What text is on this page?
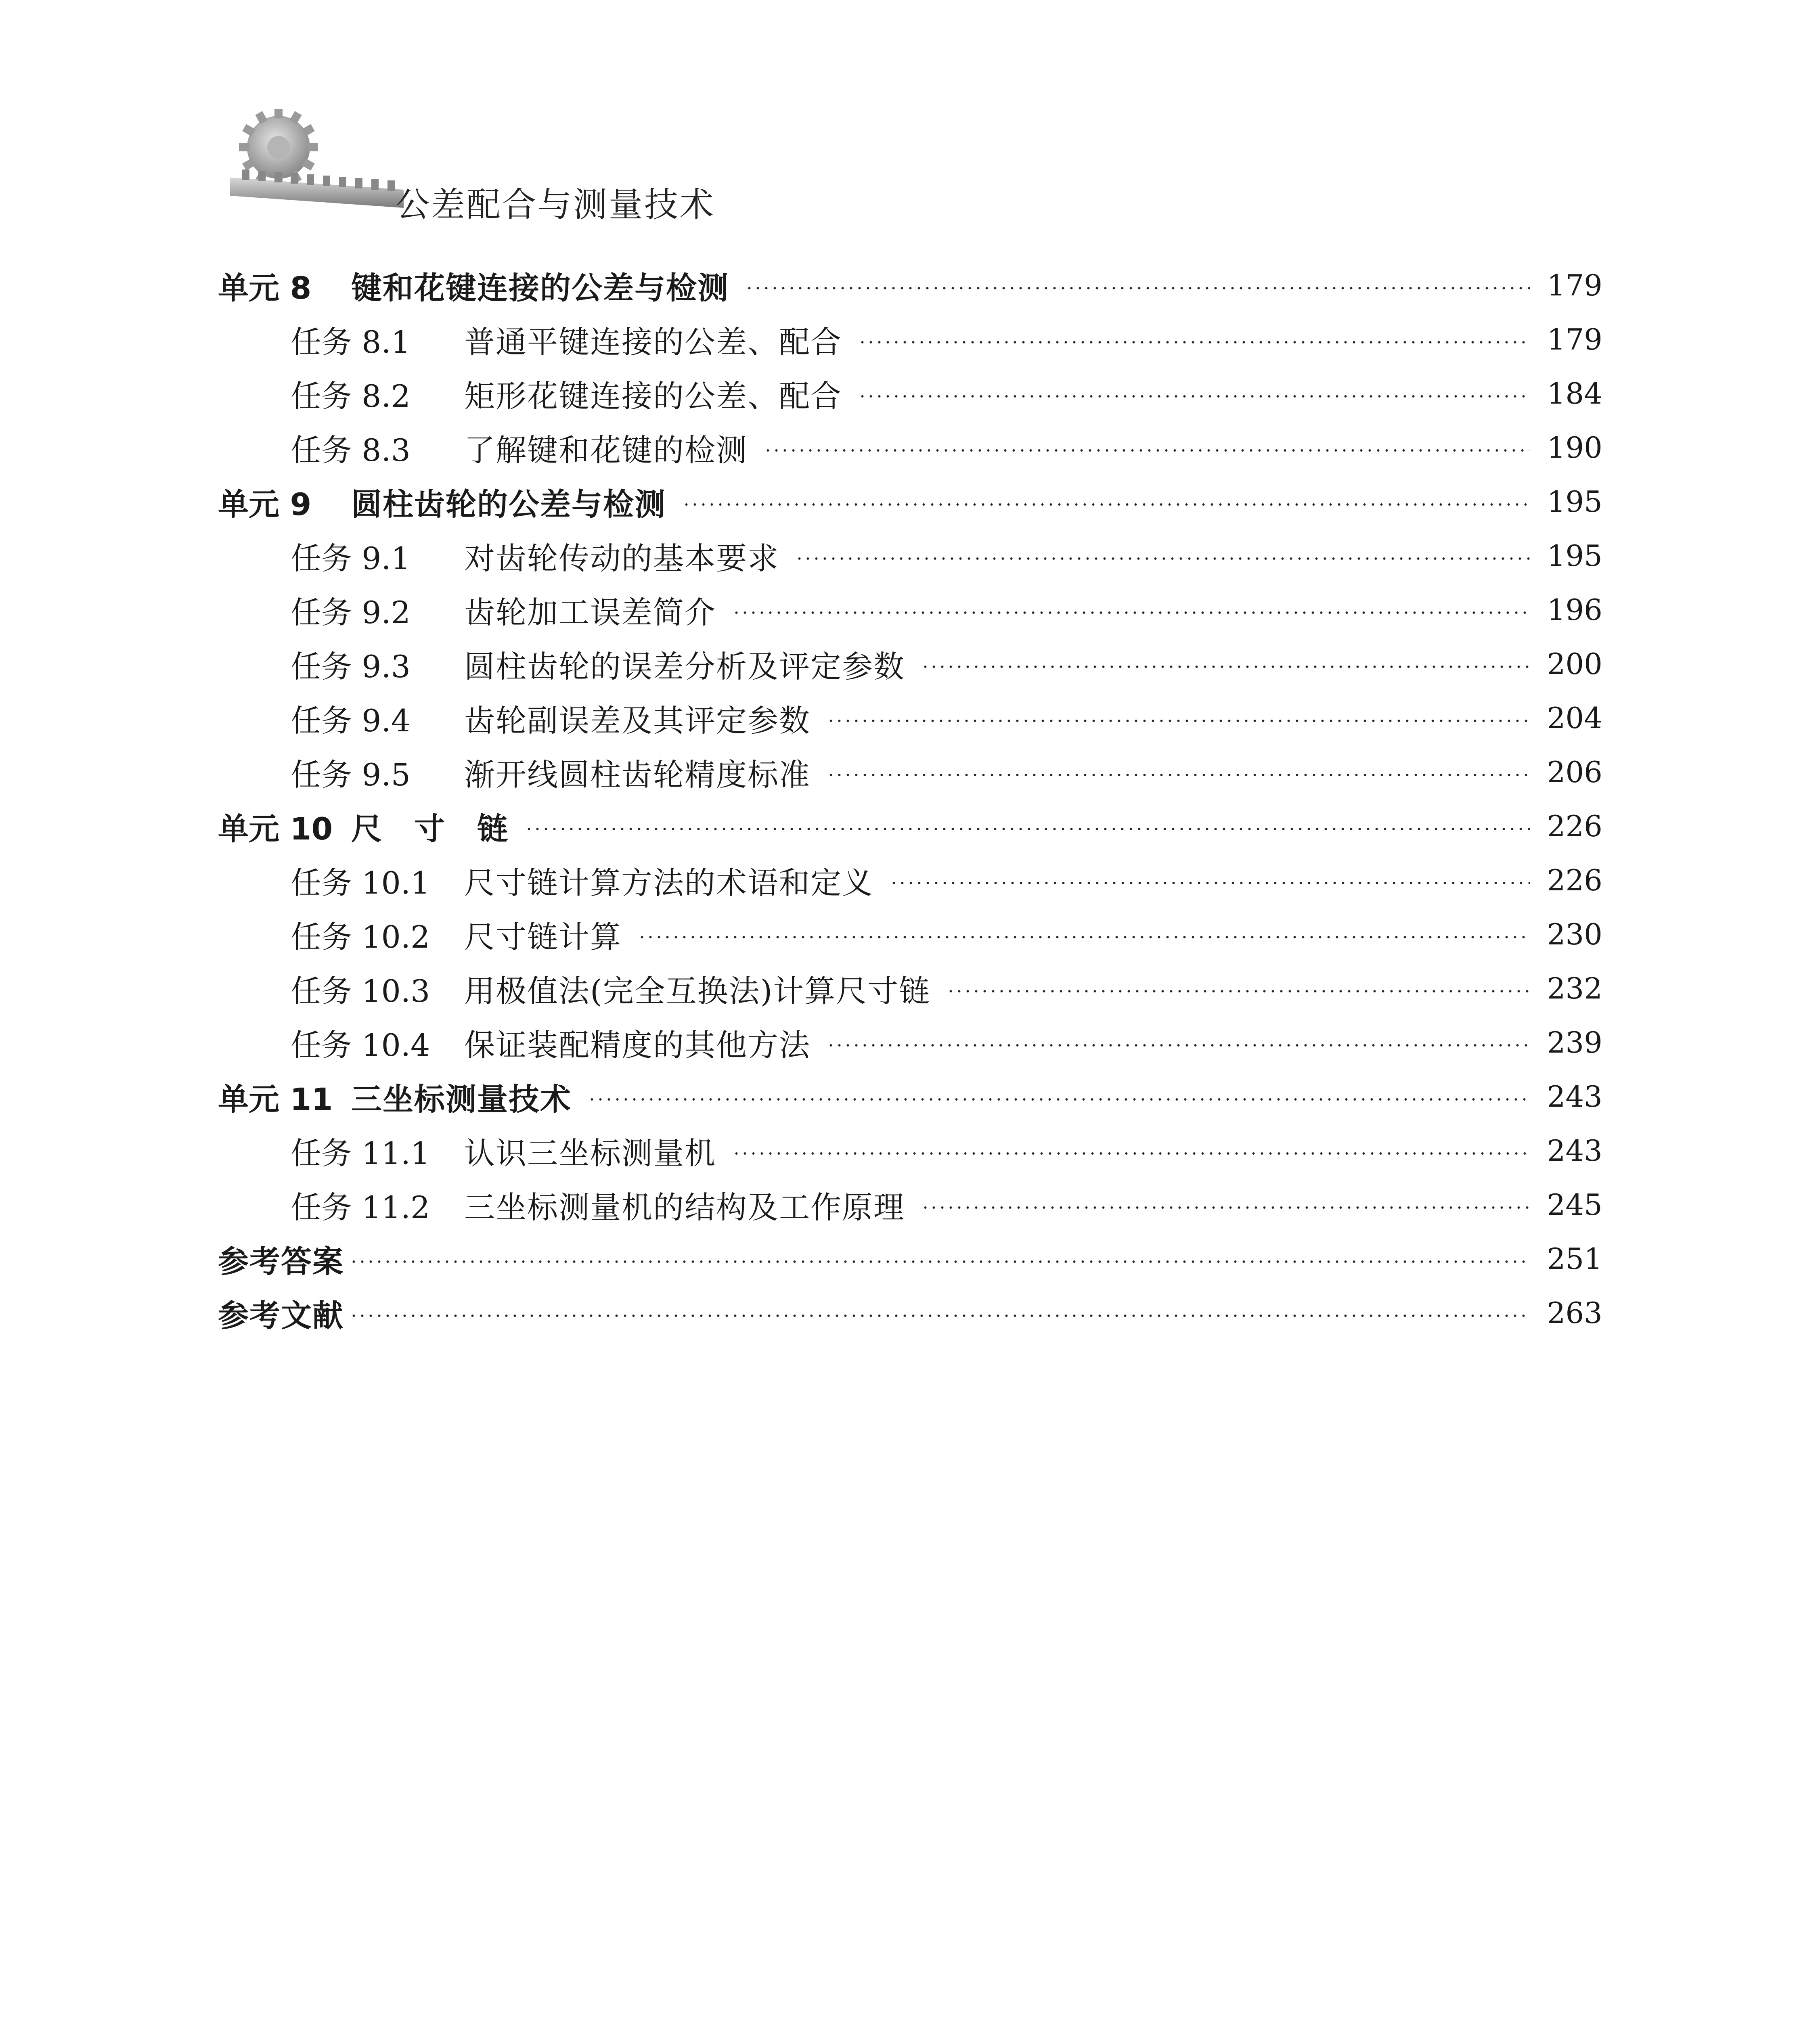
公差配合与测量技术
单元 8	键和花键连接的公差与检测	179
任务 8.1	普通平键连接的公差、配合	179
任务 8.2	矩形花键连接的公差、配合	184
任务 8.3	了解键和花键的检测	190
单元 9	圆柱齿轮的公差与检测	195
任务 9.1	对齿轮传动的基本要求	195
任务 9.2	齿轮加工误差简介	196
任务 9.3	圆柱齿轮的误差分析及评定参数	200
任务 9.4	齿轮副误差及其评定参数	204
任务 9.5	渐开线圆柱齿轮精度标准	206
单元 10 尺　寸　链	226
任务 10.1	尺寸链计算方法的术语和定义	226
任务 10.2	尺寸链计算	230
任务 10.3	用极值法(完全互换法)计算尺寸链	232
任务 10.4	保证装配精度的其他方法	239
单元 11 三坐标测量技术	243
任务 11.1	认识三坐标测量机	243
任务 11.2	三坐标测量机的结构及工作原理	245
参考答案	251
参考文献	263
